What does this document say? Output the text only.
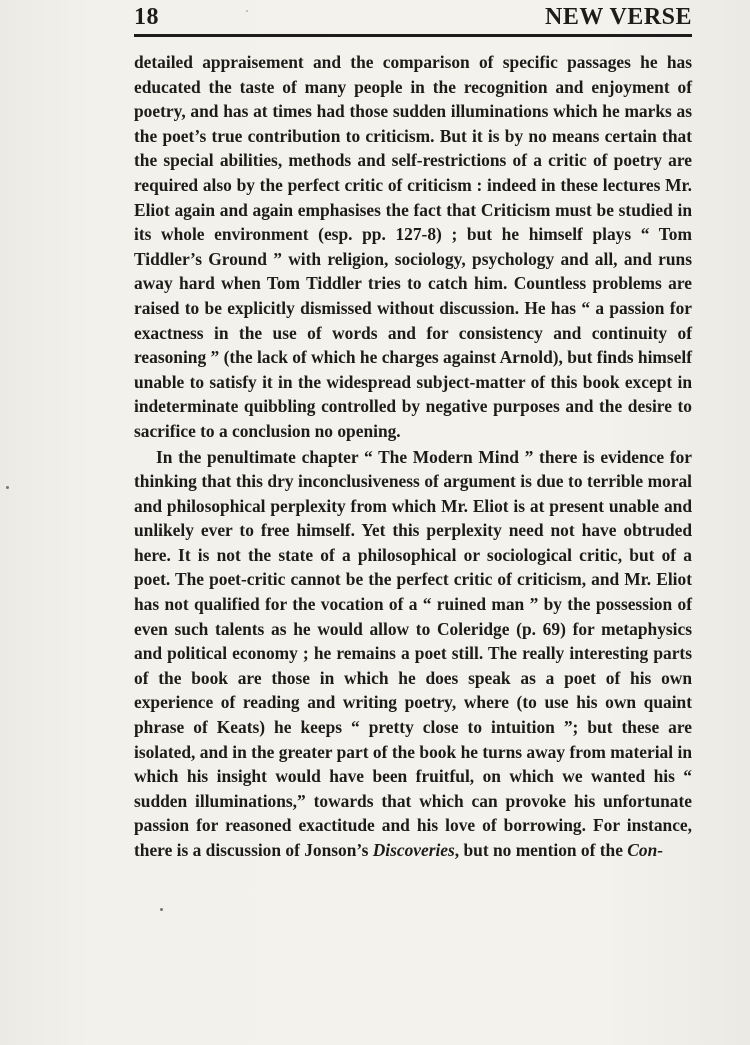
18	NEW VERSE

detailed appraisement and the comparison of specific passages he has educated the taste of many people in the recognition and enjoyment of poetry, and has at times had those sudden illuminations which he marks as the poet’s true contribution to criticism. But it is by no means certain that the special abilities, methods and self-restrictions of a critic of poetry are required also by the perfect critic of criticism : indeed in these lectures Mr. Eliot again and again emphasises the fact that Criticism must be studied in its whole environment (esp. pp. 127-8) ; but he himself plays “ Tom Tiddler’s Ground ” with religion, sociology, psychology and all, and runs away hard when Tom Tiddler tries to catch him. Countless problems are raised to be explicitly dismissed without discussion. He has “ a passion for exactness in the use of words and for consistency and continuity of reasoning ” (the lack of which he charges against Arnold), but finds himself unable to satisfy it in the widespread subject-matter of this book except in indeterminate quibbling controlled by negative purposes and the desire to sacrifice to a conclusion no opening.

In the penultimate chapter “ The Modern Mind ” there is evidence for thinking that this dry inconclusiveness of argument is due to terrible moral and philosophical perplexity from which Mr. Eliot is at present unable and unlikely ever to free himself. Yet this perplexity need not have obtruded here. It is not the state of a philosophical or sociological critic, but of a poet. The poet-critic cannot be the perfect critic of criticism, and Mr. Eliot has not qualified for the vocation of a “ ruined man ” by the possession of even such talents as he would allow to Coleridge (p. 69) for metaphysics and political economy ; he remains a poet still. The really interesting parts of the book are those in which he does speak as a poet of his own experience of reading and writing poetry, where (to use his own quaint phrase of Keats) he keeps “ pretty close to intuition ”; but these are isolated, and in the greater part of the book he turns away from material in which his insight would have been fruitful, on which we wanted his “ sudden illuminations,” towards that which can provoke his unfortunate passion for reasoned exactitude and his love of borrowing. For instance, there is a discussion of Jonson’s Discoveries, but no mention of the Con-
